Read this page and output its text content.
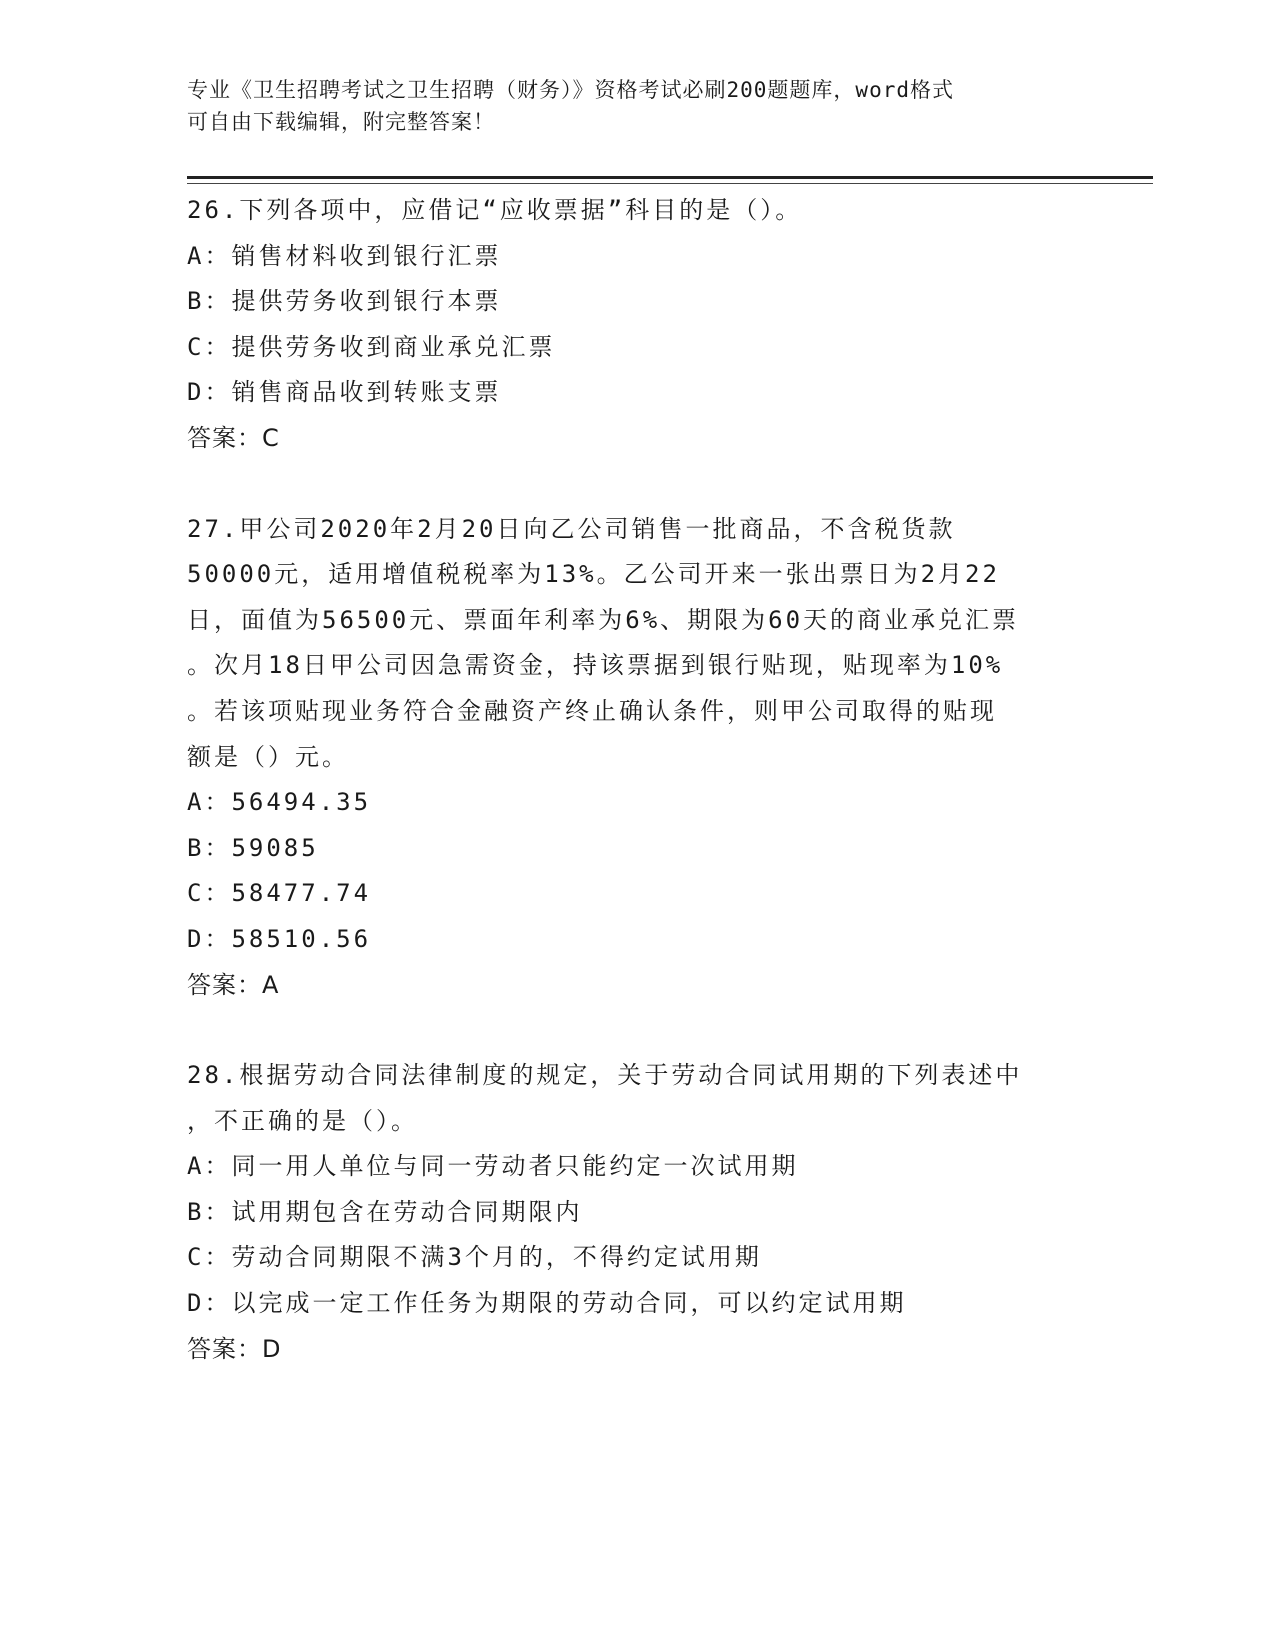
专业《卫生招聘考试之卫生招聘（财务）》资格考试必刷200题题库，word格式
可自由下载编辑，附完整答案！
26.下列各项中，应借记“应收票据”科目的是（）。
A：销售材料收到银行汇票
B：提供劳务收到银行本票
C：提供劳务收到商业承兑汇票
D：销售商品收到转账支票
答案：C
27.甲公司2020年2月20日向乙公司销售一批商品，不含税货款
50000元，适用增值税税率为13%。乙公司开来一张出票日为2月22
日，面值为56500元、票面年利率为6%、期限为60天的商业承兑汇票
。次月18日甲公司因急需资金，持该票据到银行贴现，贴现率为10%
。若该项贴现业务符合金融资产终止确认条件，则甲公司取得的贴现
额是（）元。
A：56494.35
B：59085
C：58477.74
D：58510.56
答案：A
28.根据劳动合同法律制度的规定，关于劳动合同试用期的下列表述中
，不正确的是（）。
A：同一用人单位与同一劳动者只能约定一次试用期
B：试用期包含在劳动合同期限内
C：劳动合同期限不满3个月的，不得约定试用期
D：以完成一定工作任务为期限的劳动合同，可以约定试用期
答案：D
